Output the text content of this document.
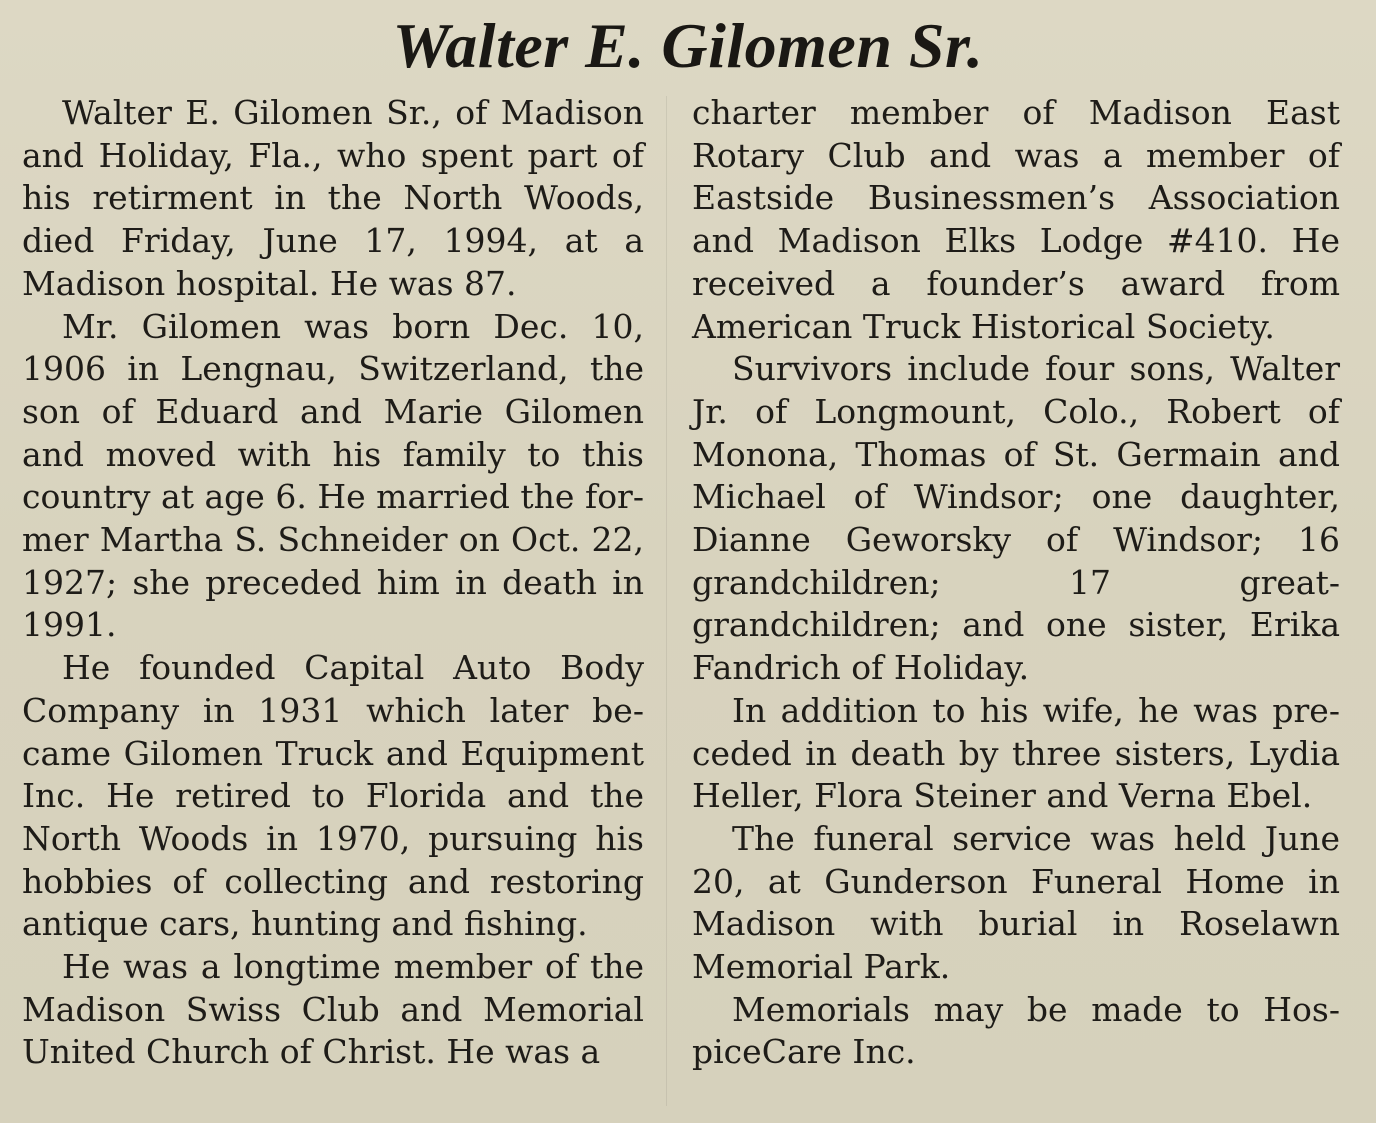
Walter E. Gilomen Sr.

Walter E. Gilomen Sr., of Madison and Holiday, Fla., who spent part of his retirment in the North Woods, died Friday, June 17, 1994, at a Madison hospital. He was 87.

Mr. Gilomen was born Dec. 10, 1906 in Lengnau, Switzerland, the son of Eduard and Marie Gilomen and moved with his family to this country at age 6. He married the former Martha S. Schneider on Oct. 22, 1927; she preceded him in death in 1991.

He founded Capital Auto Body Company in 1931 which later became Gilomen Truck and Equipment Inc. He retired to Florida and the North Woods in 1970, pursuing his hobbies of collecting and restoring antique cars, hunting and fishing.

He was a longtime member of the Madison Swiss Club and Memorial United Church of Christ. He was a

charter member of Madison East Rotary Club and was a member of Eastside Businessmen’s Association and Madison Elks Lodge #410. He received a founder’s award from American Truck Historical Society.

Survivors include four sons, Walter Jr. of Longmount, Colo., Robert of Monona, Thomas of St. Germain and Michael of Windsor; one daughter, Dianne Geworsky of Windsor; 16 grandchildren; 17 great-grandchildren; and one sister, Erika Fandrich of Holiday.

In addition to his wife, he was preceded in death by three sisters, Lydia Heller, Flora Steiner and Verna Ebel.

The funeral service was held June 20, at Gunderson Funeral Home in Madison with burial in Roselawn Memorial Park.

Memorials may be made to HospiceCare Inc.
